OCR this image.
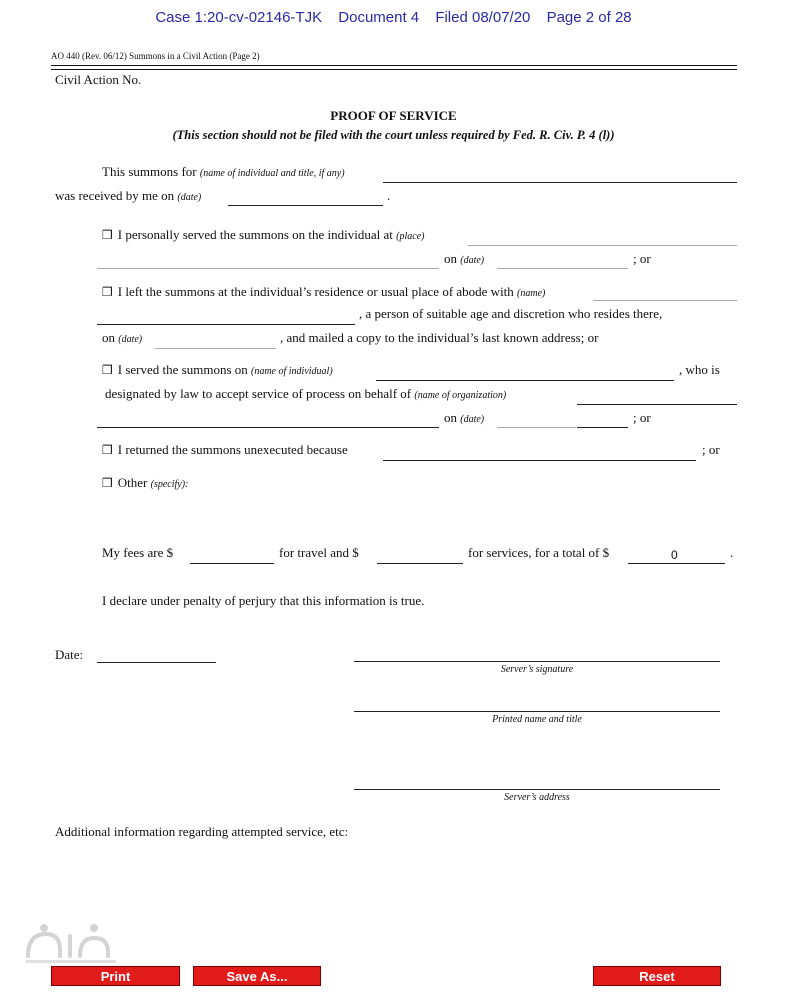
Case 1:20-cv-02146-TJK Document 4 Filed 08/07/20 Page 2 of 28
AO 440 (Rev. 06/12) Summons in a Civil Action (Page 2)
Civil Action No.
PROOF OF SERVICE
(This section should not be filed with the court unless required by Fed. R. Civ. P. 4 (l))
This summons for (name of individual and title, if any)
was received by me on (date)	.
❒ I personally served the summons on the individual at (place)
on (date)	; or
❒ I left the summons at the individual’s residence or usual place of abode with (name)
, a person of suitable age and discretion who resides there,
on (date)	, and mailed a copy to the individual’s last known address; or
❒ I served the summons on (name of individual)	, who is
designated by law to accept service of process on behalf of (name of organization)
on (date)	; or
❒ I returned the summons unexecuted because	; or
❒ Other (specify):
My fees are $	for travel and $	for services, for a total of $	0	.
I declare under penalty of perjury that this information is true.
Date:
Server’s signature
Printed name and title
Server’s address
Additional information regarding attempted service, etc:
Print	Save As...	Reset
